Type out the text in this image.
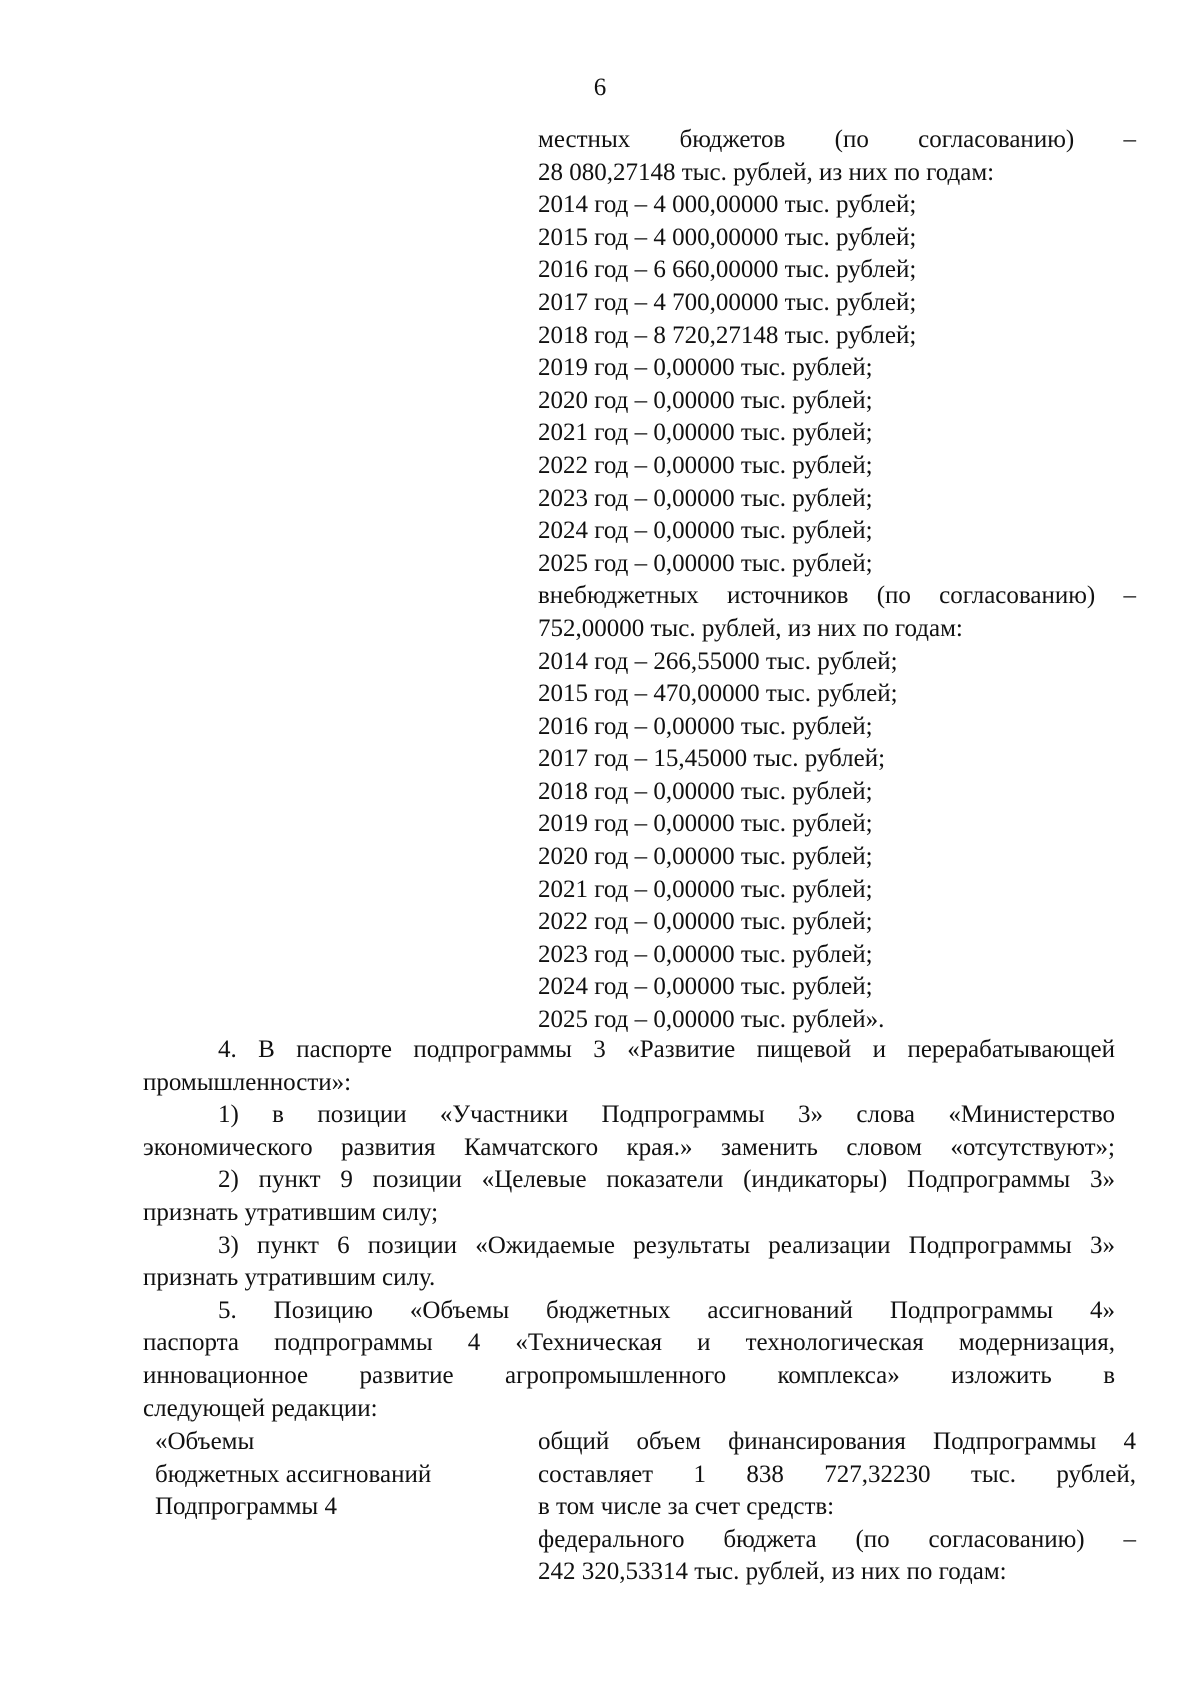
6
местных бюджетов (по согласованию) –
28 080,27148 тыс. рублей, из них по годам:
2014 год – 4 000,00000 тыс. рублей;
2015 год – 4 000,00000 тыс. рублей;
2016 год – 6 660,00000 тыс. рублей;
2017 год – 4 700,00000 тыс. рублей;
2018 год – 8 720,27148 тыс. рублей;
2019 год – 0,00000 тыс. рублей;
2020 год – 0,00000 тыс. рублей;
2021 год – 0,00000 тыс. рублей;
2022 год – 0,00000 тыс. рублей;
2023 год – 0,00000 тыс. рублей;
2024 год – 0,00000 тыс. рублей;
2025 год – 0,00000 тыс. рублей;
внебюджетных источников (по согласованию) –
752,00000 тыс. рублей, из них по годам:
2014 год – 266,55000 тыс. рублей;
2015 год – 470,00000 тыс. рублей;
2016 год – 0,00000 тыс. рублей;
2017 год – 15,45000 тыс. рублей;
2018 год – 0,00000 тыс. рублей;
2019 год – 0,00000 тыс. рублей;
2020 год – 0,00000 тыс. рублей;
2021 год – 0,00000 тыс. рублей;
2022 год – 0,00000 тыс. рублей;
2023 год – 0,00000 тыс. рублей;
2024 год – 0,00000 тыс. рублей;
2025 год – 0,00000 тыс. рублей».
4. В паспорте подпрограммы 3 «Развитие пищевой и перерабатывающей
промышленности»:
1) в позиции «Участники Подпрограммы 3» слова «Министерство
экономического развития Камчатского края.» заменить словом «отсутствуют»;
2) пункт 9 позиции «Целевые показатели (индикаторы) Подпрограммы 3»
признать утратившим силу;
3) пункт 6 позиции «Ожидаемые результаты реализации Подпрограммы 3»
признать утратившим силу.
5. Позицию «Объемы бюджетных ассигнований Подпрограммы 4»
паспорта подпрограммы 4 «Техническая и технологическая модернизация,
инновационное развитие агропромышленного комплекса» изложить в
следующей редакции:
«Объемы
бюджетных ассигнований
Подпрограммы 4
общий объем финансирования Подпрограммы 4
составляет 1 838 727,32230 тыс. рублей,
в том числе за счет средств:
федерального бюджета (по согласованию) –
242 320,53314 тыс. рублей, из них по годам:
